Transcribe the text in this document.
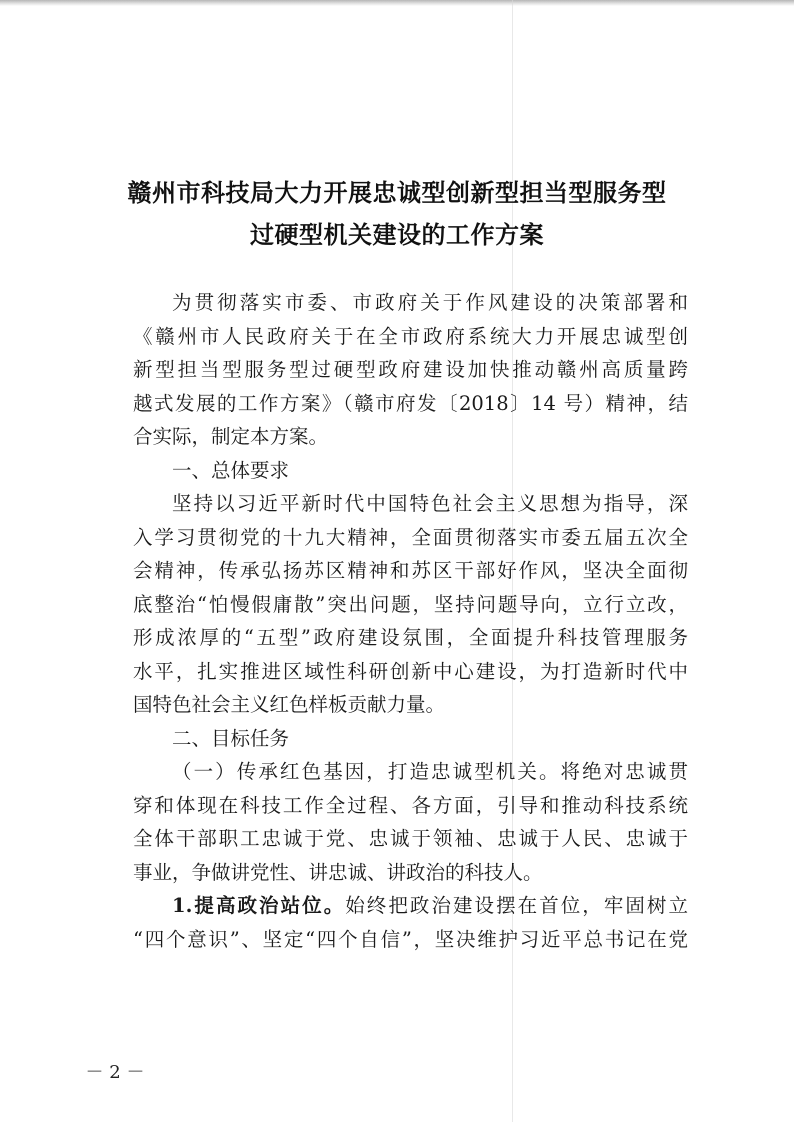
赣州市科技局大力开展忠诚型创新型担当型服务型
过硬型机关建设的工作方案
为贯彻落实市委、市政府关于作风建设的决策部署和
《赣州市人民政府关于在全市政府系统大力开展忠诚型创
新型担当型服务型过硬型政府建设加快推动赣州高质量跨
越式发展的工作方案》（赣市府发〔2018〕14 号）精神，结
合实际，制定本方案。
一、总体要求
坚持以习近平新时代中国特色社会主义思想为指导，深
入学习贯彻党的十九大精神，全面贯彻落实市委五届五次全
会精神，传承弘扬苏区精神和苏区干部好作风，坚决全面彻
底整治“怕慢假庸散”突出问题，坚持问题导向，立行立改，
形成浓厚的“五型”政府建设氛围，全面提升科技管理服务
水平，扎实推进区域性科研创新中心建设，为打造新时代中
国特色社会主义红色样板贡献力量。
二、目标任务
（一）传承红色基因，打造忠诚型机关。将绝对忠诚贯
穿和体现在科技工作全过程、各方面，引导和推动科技系统
全体干部职工忠诚于党、忠诚于领袖、忠诚于人民、忠诚于
事业，争做讲党性、讲忠诚、讲政治的科技人。
1.提高政治站位。始终把政治建设摆在首位，牢固树立
“四个意识”、坚定“四个自信”，坚决维护习近平总书记在党
－ 2 －
